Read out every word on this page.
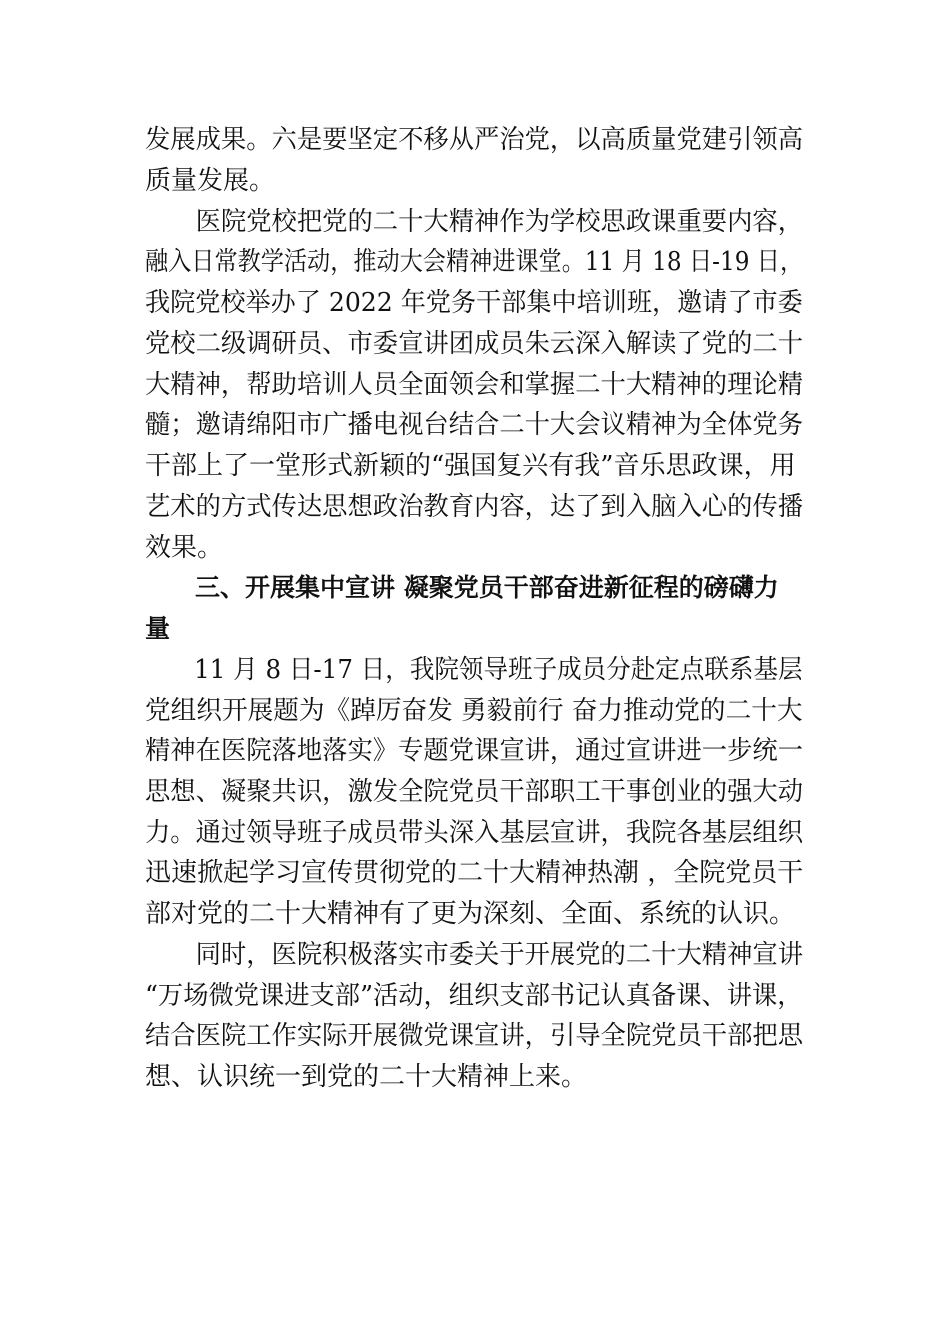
发展成果。六是要坚定不移从严治党，以高质量党建引领高
质量发展。
　　医院党校把党的二十大精神作为学校思政课重要内容，
融入日常教学活动，推动大会精神进课堂。11 月 18 日-19 日，
我院党校举办了 2022 年党务干部集中培训班，邀请了市委
党校二级调研员、市委宣讲团成员朱云深入解读了党的二十
大精神，帮助培训人员全面领会和掌握二十大精神的理论精
髓；邀请绵阳市广播电视台结合二十大会议精神为全体党务
干部上了一堂形式新颖的“强国复兴有我”音乐思政课，用
艺术的方式传达思想政治教育内容，达了到入脑入心的传播
效果。
　　三、开展集中宣讲 凝聚党员干部奋进新征程的磅礴力
量
　　11 月 8 日-17 日，我院领导班子成员分赴定点联系基层
党组织开展题为《踔厉奋发 勇毅前行 奋力推动党的二十大
精神在医院落地落实》专题党课宣讲，通过宣讲进一步统一
思想、凝聚共识，激发全院党员干部职工干事创业的强大动
力。通过领导班子成员带头深入基层宣讲，我院各基层组织
迅速掀起学习宣传贯彻党的二十大精神热潮 ，全院党员干
部对党的二十大精神有了更为深刻、全面、系统的认识。
　　同时，医院积极落实市委关于开展党的二十大精神宣讲
“万场微党课进支部”活动，组织支部书记认真备课、讲课，
结合医院工作实际开展微党课宣讲，引导全院党员干部把思
想、认识统一到党的二十大精神上来。
